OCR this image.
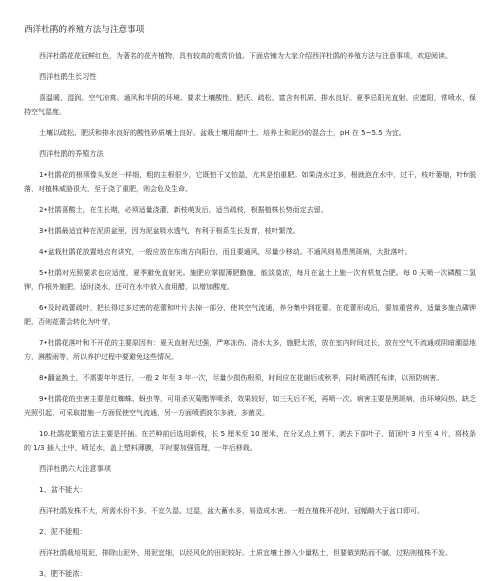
西洋杜鹃的养殖方法与注意事项
西洋杜鹃花花冠鲜红色，为著名的花卉植物，具有较高的观赏价值。下面店铺为大家介绍西洋杜鹃的养殖方法与注意事项，欢迎阅读。
西洋杜鹃生长习性
喜温暖、湿润、空气凉爽、通风和半阴的环境。要求土壤酸性、肥沃、疏松、富含有机质、排水良好。夏季忌阳光直射、应遮阳，常喷水，保持空气湿度。
土壤以疏松、肥沃和排水良好的酸性砂质壤土良好。盆栽土壤用腐叶土、培养土和泥沙的混合土，pH 在 5~5.5 为宜。
西洋杜鹃的养殖方法
1•杜鹃花的根须像头发丝一样细，粗的主根很少，它既怕干又怕湿，尤其是怕重肥。如果浇水过多，根就泡在水中，过干，枝叶萎缩，叶fr脱落，对植株威胁很大，至于浇了重肥，则会危及生命。
2•杜鹃喜酸土，在生长期，必须适量浇灌，新枝萌发后，适当疏枝，根据植株长势而定去留。
3•杜鹃最适宜种在泥质盆里，因为泥盆吸水透气，有利于根系生长发育，枝叶繁茂。
4•盆栽杜鹃花放置地点有讲究，一般应放在东南方向阳台，而且要通风，尽量少移动。不通风则易患黑斑病，大批落叶。
5•杜鹃对光照要求也应适度，夏季避免直射光。施肥应掌握薄肥勤施，能淡莫浓，每月在盆土上施一次有机复合肥。每 0 天喷一次磷酸二氢钾，作根外施肥。适时浇水，还可在水中放入食用醋，以增加酸度。
6•及时疏蕾疏叶，把长得过多过密的花蕾和叶片去掉一部分，使其空气流通，养分集中到花蕾。在花蕾形成后，要加重营养，适量多施点磷钾肥，否则花蕾会转化为叶芽。
7•杜鹃花落叶和不开花的主要原因有：夏天直射光过强，严寒冻伤、浇水太多，施肥太浓，放在室内时间过长，放在空气不流通或阴暗潮湿地方，淋酸雨等，所以养护过程中要避免这些情况。
8•翻盆换土，不需要年年进行，一般 2 年至 3 年一次，尽量少损伤根须，时间应在花谢后或秋季，同时喷洒托布津，以预防病害。
9•杜鹃花的虫害主要是红蜘蛛、蚜虫等，可用杀灭菊酯等喷杀，效果较好，如三天后不死，再喷一次。病害主要是黑斑病，由环境闷热、缺乏光照引起，可采取措施一方面促使空气流通，另一方面喷洒波尔多液、多菌灵。
10.杜鹃花繁殖方法主要是扦插。在芒种前后选用新枝，长 5 厘米至 10 厘米，在分叉点上剪下，剥去下部叶子，留顶叶 3 片至 4 片，将枝条的 1/3 插入土中，喷足水，盖上塑料薄膜，平时要加强管理，一年后移栽。
西洋杜鹃六大注意事项
1、盆不能大：
西洋杜鹃发株不大，所需水份不多，不宜久湿、过湿，盆大蓄水多，易造成水害。一般在植株开花时，冠幅略大于盆口即可。
2、泥不能粗：
西洋杜鹃栽培用泥，排除山泥外，用泥宜细，以经风化的田泥较好。土质宜壤土掺入少量粘土，但要做到粘而不腻，过粘则植株不发。
3、肥不能浓：
